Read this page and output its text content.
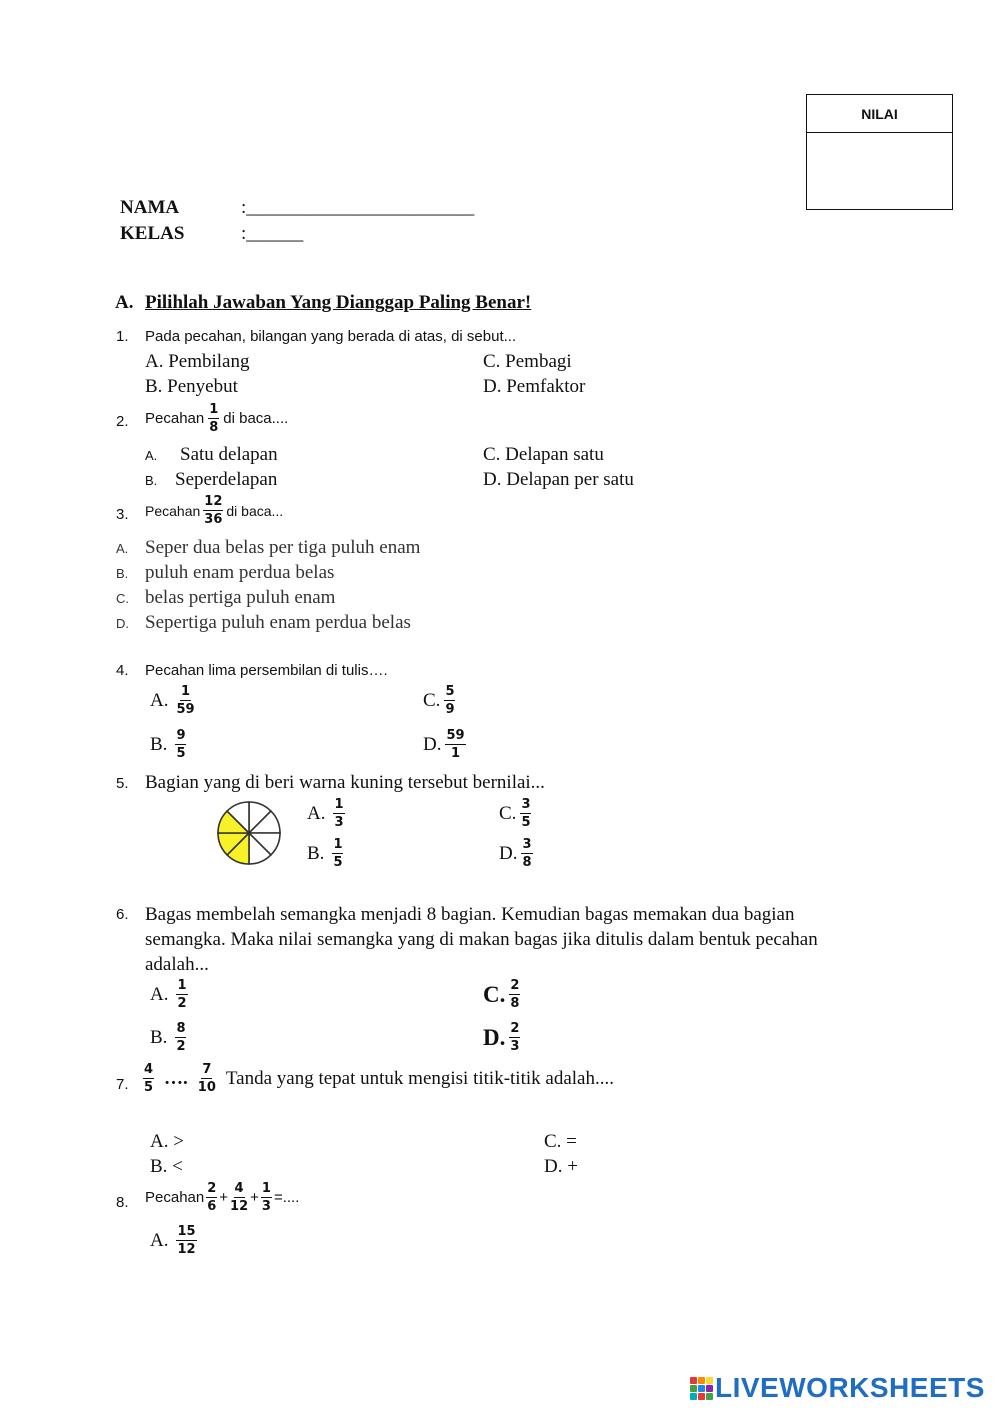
NILAI
NAMA	:________________________
KELAS	:______
A. Pilihlah Jawaban Yang Dianggap Paling Benar!
1. Pada pecahan, bilangan yang berada di atas, di sebut...
A. Pembilang
B. Penyebut
C. Pembagi
D. Pemfaktor
2. Pecahan $\frac{1}{8}$ di baca....
A. Satu delapan
B. Seperdelapan
C. Delapan satu
D. Delapan per satu
3. Pecahan $\frac{12}{36}$ di baca...
A. Seper dua belas per tiga puluh enam
B. puluh enam perdua belas
C. belas pertiga puluh enam
D. Sepertiga puluh enam perdua belas
4. Pecahan lima persembilan di tulis….
A. $\frac{1}{59}$
B. $\frac{9}{5}$
C. $\frac{5}{9}$
D. $\frac{59}{1}$
5. Bagian yang di beri warna kuning tersebut bernilai...
A. $\frac{1}{3}$
B. $\frac{1}{5}$
C. $\frac{3}{5}$
D. $\frac{3}{8}$
6. Bagas membelah semangka menjadi 8 bagian. Kemudian bagas memakan dua bagian
semangka. Maka nilai semangka yang di makan bagas jika ditulis dalam bentuk pecahan
adalah...
A. $\frac{1}{2}$
B. $\frac{8}{2}$
C. $\frac{2}{8}$
D. $\frac{2}{3}$
7. $\frac{4}{5}$ …. $\frac{7}{10}$ Tanda yang tepat untuk mengisi titik-titik adalah....
A. >
B. <
C. =
D. +
8. Pecahan $\frac{2}{6} + \frac{4}{12} + \frac{1}{3}$ =....
A. $\frac{15}{12}$
LIVEWORKSHEETS
